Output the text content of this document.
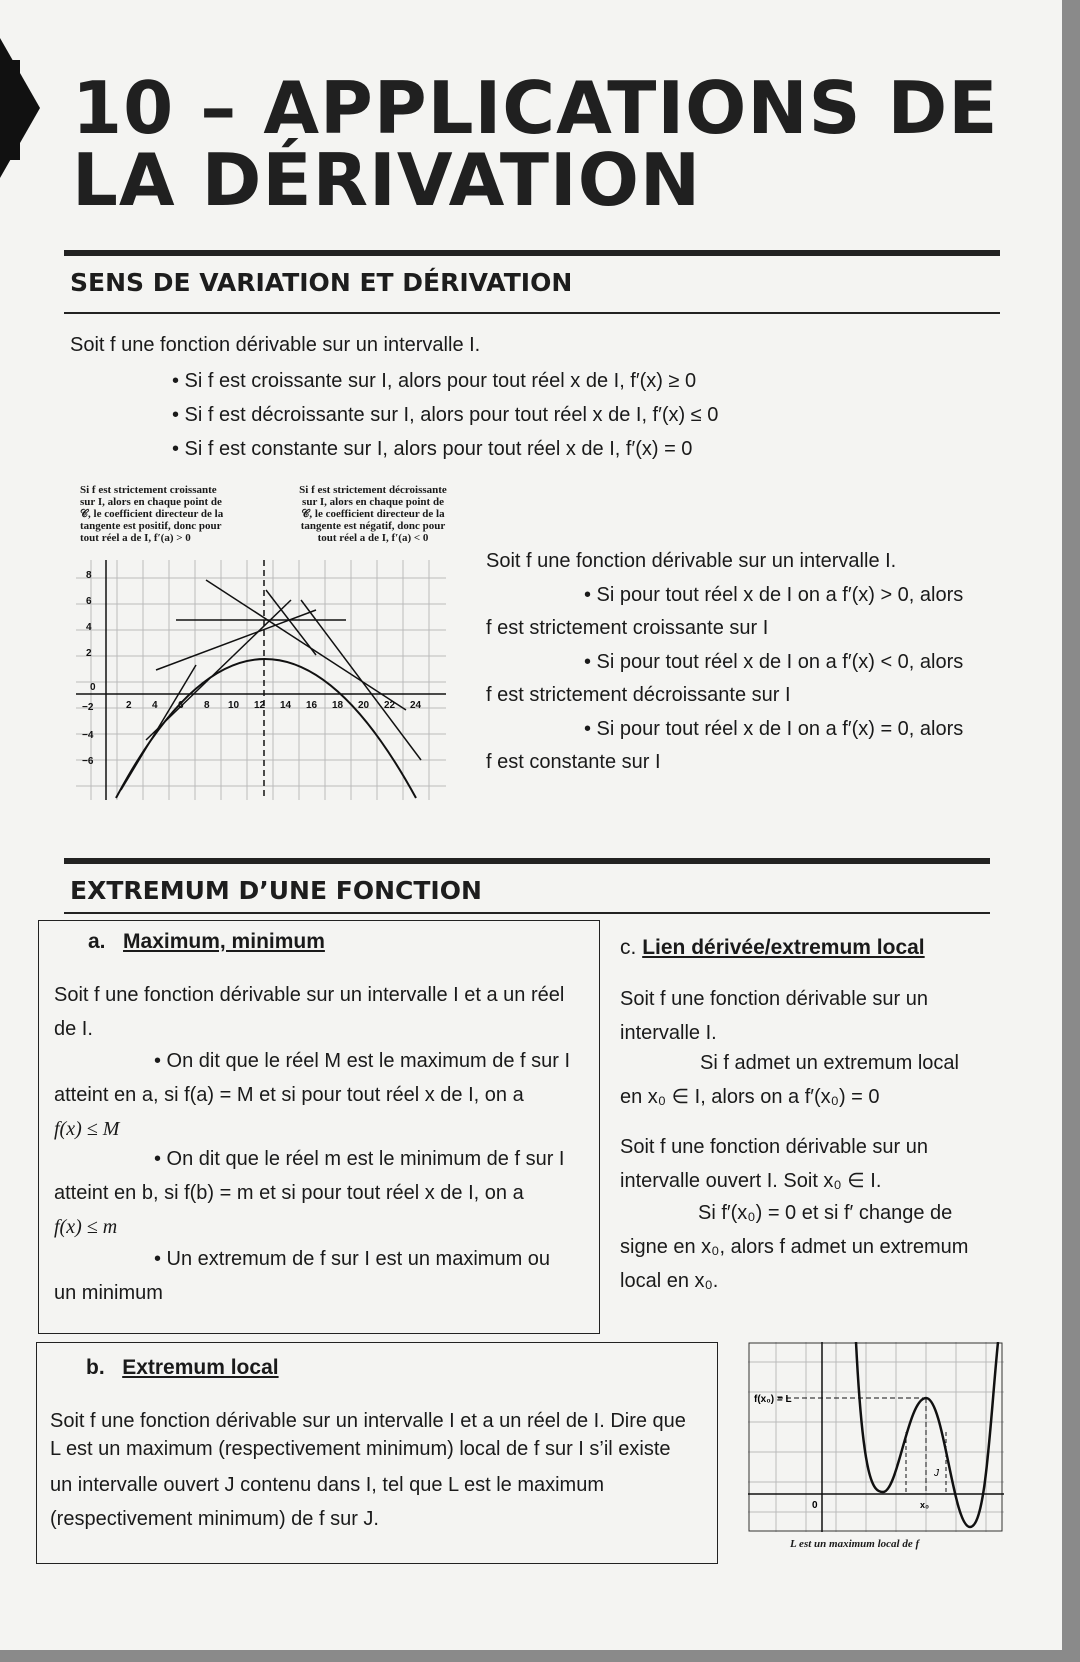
10 – APPLICATIONS DE
LA DÉRIVATION
SENS DE VARIATION ET DÉRIVATION

Soit f une fonction dérivable sur un intervalle I.

• Si f est croissante sur I, alors pour tout réel x de I, f′(x) ≥ 0

• Si f est décroissante sur I, alors pour tout réel x de I, f′(x) ≤ 0

• Si f est constante sur I, alors pour tout réel x de I, f′(x) = 0

Si f est strictement croissante
sur I, alors en chaque point de
𝒞, le coefficient directeur de la
tangente est positif, donc pour
tout réel a de I, f′(a) > 0
Si f est strictement décroissante
sur I, alors en chaque point de
𝒞, le coefficient directeur de la
tangente est négatif, donc pour
tout réel a de I, f′(a) < 0
8
6
4
2
0
−2
−4
−6
2 4 6 8 10 12 14 16 18 20 22 24

Soit f une fonction dérivable sur un intervalle I.

• Si pour tout réel x de I on a f′(x) > 0, alors

f est strictement croissante sur I

• Si pour tout réel x de I on a f′(x) < 0, alors

f est strictement décroissante sur I

• Si pour tout réel x de I on a f′(x) = 0, alors

f est constante sur I

EXTREMUM D’UNE FONCTION

a. Maximum, minimum

Soit f une fonction dérivable sur un intervalle I et a un réel

de I.

• On dit que le réel M est le maximum de f sur I

atteint en a, si f(a) = M et si pour tout réel x de I, on a

f(x) ≤ M

• On dit que le réel m est le minimum de f sur I

atteint en b, si f(b) = m et si pour tout réel x de I, on a

f(x) ≤ m

• Un extremum de f sur I est un maximum ou

un minimum

c. Lien dérivée/extremum local

Soit f une fonction dérivable sur un

intervalle I.

Si f admet un extremum local

en x₀ ∈ I, alors on a f′(x₀) = 0

Soit f une fonction dérivable sur un

intervalle ouvert I. Soit x₀ ∈ I.

Si f′(x₀) = 0 et si f′ change de

signe en x₀, alors f admet un extremum

local en x₀.

b. Extremum local

Soit f une fonction dérivable sur un intervalle I et a un réel de I. Dire que

L est un maximum (respectivement minimum) local de f sur I s’il existe

un intervalle ouvert J contenu dans I, tel que L est le maximum

(respectivement minimum) de f sur J.

f(x₀) = L
0	x₀
J

L est un maximum local de f
